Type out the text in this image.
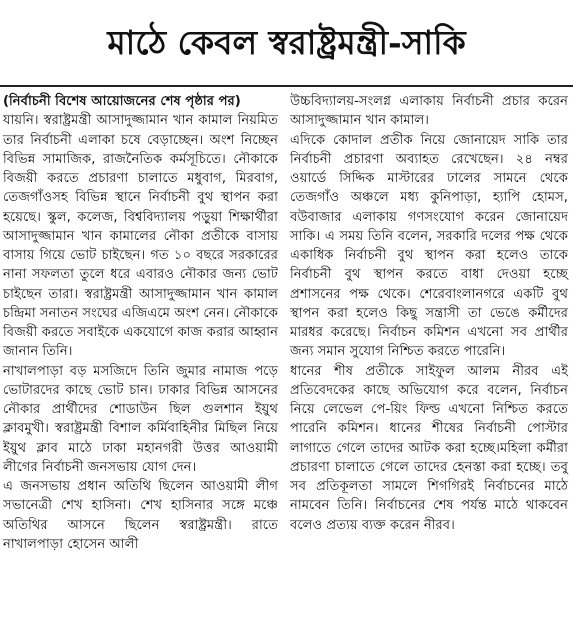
মাঠে কেবল স্বরাষ্ট্রমন্ত্রী-সাকি

(নির্বাচনী বিশেষ আয়োজনের শেষ পৃষ্ঠার পর)

যায়নি। স্বরাষ্ট্রমন্ত্রী আসাদুজ্জামান খান কামাল নিয়মিত তার নির্বাচনী এলাকা চষে বেড়াচ্ছেন। অংশ নিচ্ছেন বিভিন্ন সামাজিক, রাজনৈতিক কর্মসূচিতে। নৌকাকে বিজয়ী করতে প্রচারণা চালাতে মধুবাগ, মিরবাগ, তেজগাঁওসহ বিভিন্ন স্থানে নির্বাচনী বুথ স্থাপন করা হয়েছে। স্কুল, কলেজ, বিশ্ববিদ্যালয় পড়ুয়া শিক্ষার্থীরা আসাদুজ্জামান খান কামালের নৌকা প্রতীকে বাসায় বাসায় গিয়ে ভোট চাইছেন। গত ১০ বছরে সরকারের নানা সফলতা তুলে ধরে এবারও নৌকার জন্য ভোট চাইছেন তারা। স্বরাষ্ট্রমন্ত্রী আসাদুজ্জামান খান কামাল চন্দ্রিমা সনাতন সংঘের এজিএমে অংশ নেন। নৌকাকে বিজয়ী করতে সবাইকে একযোগে কাজ করার আহ্বান জানান তিনি।

নাখালপাড়া বড় মসজিদে তিনি জুমার নামাজ পড়ে ভোটারদের কাছে ভোট চান। ঢাকার বিভিন্ন আসনের নৌকার প্রার্থীদের শোডাউন ছিল গুলশান ইয়ুথ ক্লাবমুখী। স্বরাষ্ট্রমন্ত্রী বিশাল কর্মিবাহিনীর মিছিল নিয়ে ইয়ুথ ক্লাব মাঠে ঢাকা মহানগরী উত্তর আওয়ামী লীগের নির্বাচনী জনসভায় যোগ দেন।

এ জনসভায় প্রধান অতিথি ছিলেন আওয়ামী লীগ সভানেত্রী শেখ হাসিনা। শেখ হাসিনার সঙ্গে মঞ্চে অতিথির আসনে ছিলেন স্বরাষ্ট্রমন্ত্রী। রাতে নাখালপাড়া হোসেন আলী

উচ্চবিদ্যালয়-সংলগ্ন এলাকায় নির্বাচনী প্রচার করেন আসাদুজ্জামান খান কামাল।

এদিকে কোদাল প্রতীক নিয়ে জোনায়েদ সাকি তার নির্বাচনী প্রচারণা অব্যাহত রেখেছেন। ২৪ নম্বর ওয়ার্ডে সিদ্দিক মাস্টারের ঢালের সামনে থেকে তেজগাঁও অঞ্চলে মধ্য কুনিপাড়া, হ্যাপি হোমস, বউবাজার এলাকায় গণসংযোগ করেন জোনায়েদ সাকি। এ সময় তিনি বলেন, সরকারি দলের পক্ষ থেকে একাধিক নির্বাচনী বুথ স্থাপন করা হলেও তাকে নির্বাচনী বুথ স্থাপন করতে বাধা দেওয়া হচ্ছে প্রশাসনের পক্ষ থেকে। শেরেবাংলানগরে একটি বুথ স্থাপন করা হলেও কিছু সন্ত্রাসী তা ভেঙে কর্মীদের মারধর করেছে। নির্বাচন কমিশন এখনো সব প্রার্থীর জন্য সমান সুযোগ নিশ্চিত করতে পারেনি।

ধানের শীষ প্রতীকে সাইফুল আলম নীরব এই প্রতিবেদকের কাছে অভিযোগ করে বলেন, নির্বাচন নিয়ে লেভেল পে-য়িং ফিল্ড এখনো নিশ্চিত করতে পারেনি কমিশন। ধানের শীষের নির্বাচনী পোস্টার লাগাতে গেলে তাদের আটক করা হচ্ছে।মহিলা কর্মীরা প্রচারণা চালাতে গেলে তাদের হেনস্তা করা হচ্ছে। তবু সব প্রতিকূলতা সামলে শিগগিরই নির্বাচনের মাঠে নামবেন তিনি। নির্বাচনের শেষ পর্যন্ত মাঠে থাকবেন বলেও প্রত্যয় ব্যক্ত করেন নীরব।
